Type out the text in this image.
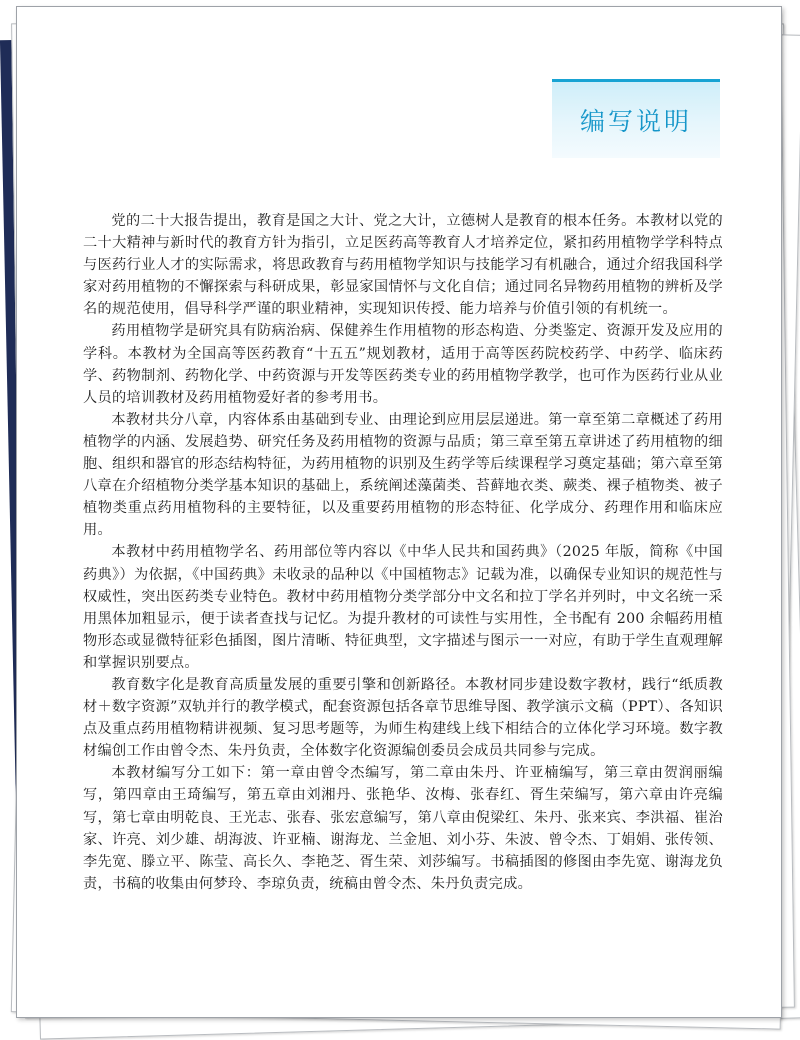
编写说明

党的二十大报告提出，教育是国之大计、党之大计，立德树人是教育的根本任务。本教材以党的二十大精神与新时代的教育方针为指引，立足医药高等教育人才培养定位，紧扣药用植物学学科特点与医药行业人才的实际需求，将思政教育与药用植物学知识与技能学习有机融合，通过介绍我国科学家对药用植物的不懈探索与科研成果，彰显家国情怀与文化自信；通过同名异物药用植物的辨析及学名的规范使用，倡导科学严谨的职业精神，实现知识传授、能力培养与价值引领的有机统一。

药用植物学是研究具有防病治病、保健养生作用植物的形态构造、分类鉴定、资源开发及应用的学科。本教材为全国高等医药教育“十五五”规划教材，适用于高等医药院校药学、中药学、临床药学、药物制剂、药物化学、中药资源与开发等医药类专业的药用植物学教学，也可作为医药行业从业人员的培训教材及药用植物爱好者的参考用书。

本教材共分八章，内容体系由基础到专业、由理论到应用层层递进。第一章至第二章概述了药用植物学的内涵、发展趋势、研究任务及药用植物的资源与品质；第三章至第五章讲述了药用植物的细胞、组织和器官的形态结构特征，为药用植物的识别及生药学等后续课程学习奠定基础；第六章至第八章在介绍植物分类学基本知识的基础上，系统阐述藻菌类、苔藓地衣类、蕨类、裸子植物类、被子植物类重点药用植物科的主要特征，以及重要药用植物的形态特征、化学成分、药理作用和临床应用。

本教材中药用植物学名、药用部位等内容以《中华人民共和国药典》（2025 年版，简称《中国药典》）为依据，《中国药典》未收录的品种以《中国植物志》记载为准，以确保专业知识的规范性与权威性，突出医药类专业特色。教材中药用植物分类学部分中文名和拉丁学名并列时，中文名统一采用黑体加粗显示，便于读者查找与记忆。为提升教材的可读性与实用性，全书配有 200 余幅药用植物形态或显微特征彩色插图，图片清晰、特征典型，文字描述与图示一一对应，有助于学生直观理解和掌握识别要点。

教育数字化是教育高质量发展的重要引擎和创新路径。本教材同步建设数字教材，践行“纸质教材＋数字资源”双轨并行的教学模式，配套资源包括各章节思维导图、教学演示文稿（PPT）、各知识点及重点药用植物精讲视频、复习思考题等，为师生构建线上线下相结合的立体化学习环境。数字教材编创工作由曾令杰、朱丹负责，全体数字化资源编创委员会成员共同参与完成。

本教材编写分工如下：第一章由曾令杰编写，第二章由朱丹、许亚楠编写，第三章由贺润丽编写，第四章由王琦编写，第五章由刘湘丹、张艳华、汝梅、张春红、胥生荣编写，第六章由许亮编写，第七章由明乾良、王光志、张春、张宏意编写，第八章由倪梁红、朱丹、张来宾、李洪福、崔治家、许亮、刘少雄、胡海波、许亚楠、谢海龙、兰金旭、刘小芬、朱波、曾令杰、丁娟娟、张传领、李先宽、滕立平、陈莹、高长久、李艳芝、胥生荣、刘莎编写。书稿插图的修图由李先宽、谢海龙负责，书稿的收集由何梦玲、李琼负责，统稿由曾令杰、朱丹负责完成。
